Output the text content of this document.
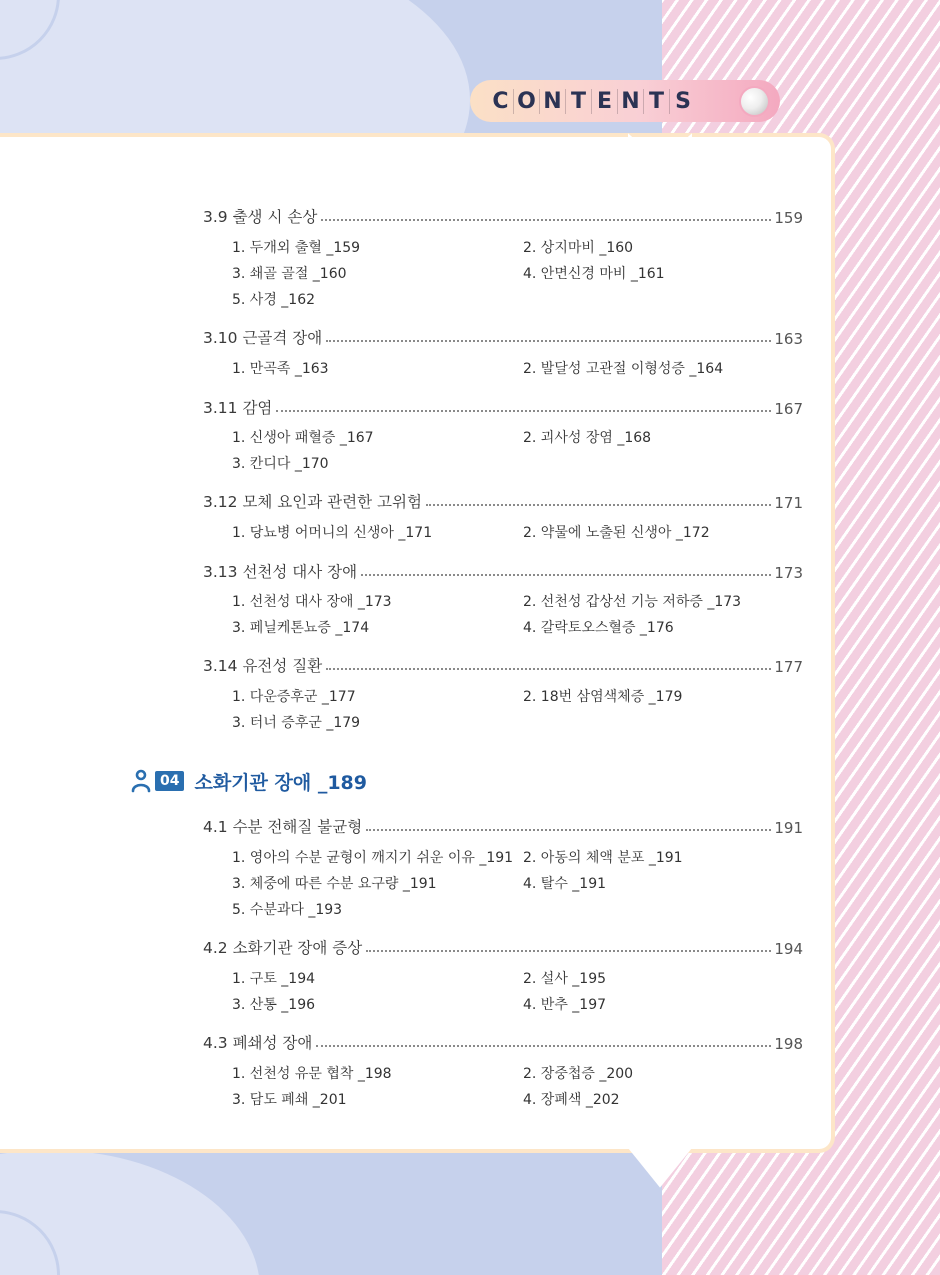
C O N T E N T S
3.9 출생 시 손상	159
1. 두개외 출혈 _159	2. 상지마비 _160
3. 쇄골 골절 _160	4. 안면신경 마비 _161
5. 사경 _162
3.10 근골격 장애	163
1. 만곡족 _163	2. 발달성 고관절 이형성증 _164
3.11 감염	167
1. 신생아 패혈증 _167	2. 괴사성 장염 _168
3. 칸디다 _170
3.12 모체 요인과 관련한 고위험	171
1. 당뇨병 어머니의 신생아 _171	2. 약물에 노출된 신생아 _172
3.13 선천성 대사 장애	173
1. 선천성 대사 장애 _173	2. 선천성 갑상선 기능 저하증 _173
3. 페닐케톤뇨증 _174	4. 갈락토오스혈증 _176
3.14 유전성 질환	177
1. 다운증후군 _177	2. 18번 삼염색체증 _179
3. 터너 증후군 _179
04 소화기관 장애 _189
4.1 수분 전해질 불균형	191
1. 영아의 수분 균형이 깨지기 쉬운 이유 _191 2. 아동의 체액 분포 _191
3. 체중에 따른 수분 요구량 _191	4. 탈수 _191
5. 수분과다 _193
4.2 소화기관 장애 증상	194
1. 구토 _194	2. 설사 _195
3. 산통 _196	4. 반추 _197
4.3 폐쇄성 장애	198
1. 선천성 유문 협착 _198	2. 장중첩증 _200
3. 담도 폐쇄 _201	4. 장폐색 _202
